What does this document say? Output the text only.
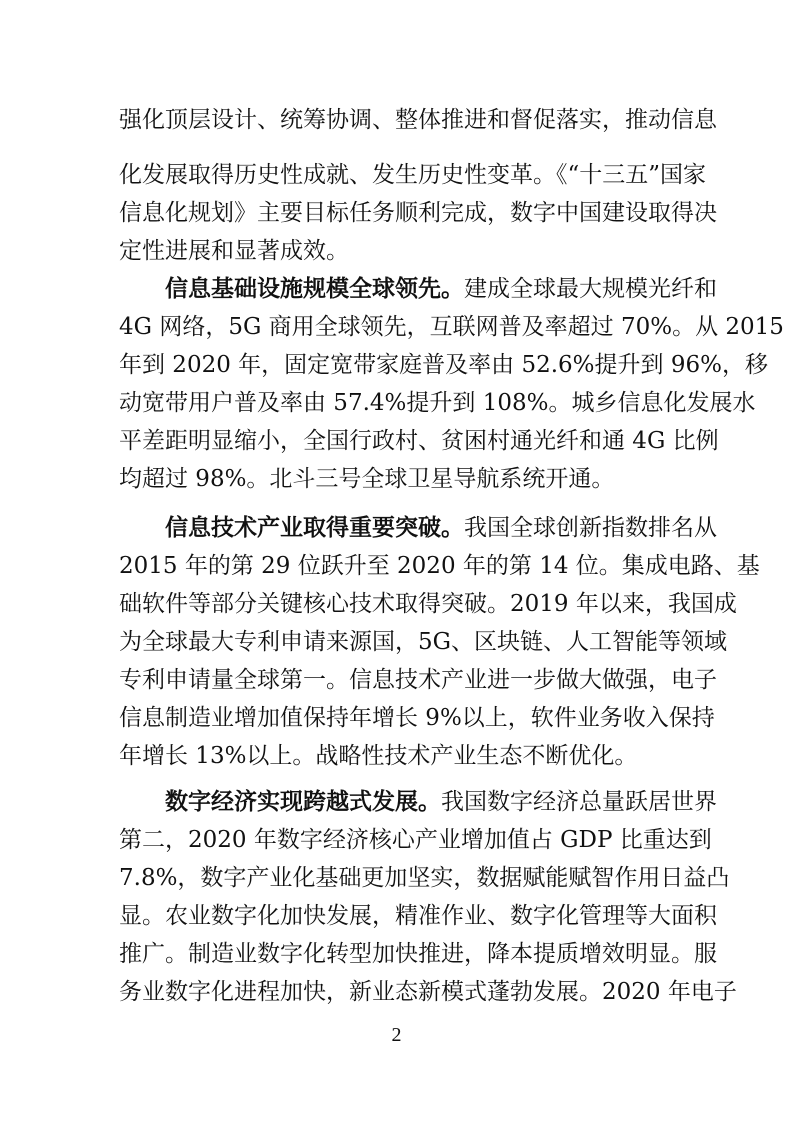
强化顶层设计、统筹协调、整体推进和督促落实，推动信息
化发展取得历史性成就、发生历史性变革。《“十三五”国家
信息化规划》主要目标任务顺利完成，数字中国建设取得决
定性进展和显著成效。
信息基础设施规模全球领先。建成全球最大规模光纤和
4G 网络，5G 商用全球领先，互联网普及率超过 70%。从 2015
年到 2020 年，固定宽带家庭普及率由 52.6%提升到 96%，移
动宽带用户普及率由 57.4%提升到 108%。城乡信息化发展水
平差距明显缩小，全国行政村、贫困村通光纤和通 4G 比例
均超过 98%。北斗三号全球卫星导航系统开通。
信息技术产业取得重要突破。我国全球创新指数排名从
2015 年的第 29 位跃升至 2020 年的第 14 位。集成电路、基
础软件等部分关键核心技术取得突破。2019 年以来，我国成
为全球最大专利申请来源国，5G、区块链、人工智能等领域
专利申请量全球第一。信息技术产业进一步做大做强，电子
信息制造业增加值保持年增长 9%以上，软件业务收入保持
年增长 13%以上。战略性技术产业生态不断优化。
数字经济实现跨越式发展。我国数字经济总量跃居世界
第二，2020 年数字经济核心产业增加值占 GDP 比重达到
7.8%，数字产业化基础更加坚实，数据赋能赋智作用日益凸
显。农业数字化加快发展，精准作业、数字化管理等大面积
推广。制造业数字化转型加快推进，降本提质增效明显。服
务业数字化进程加快，新业态新模式蓬勃发展。2020 年电子
2
